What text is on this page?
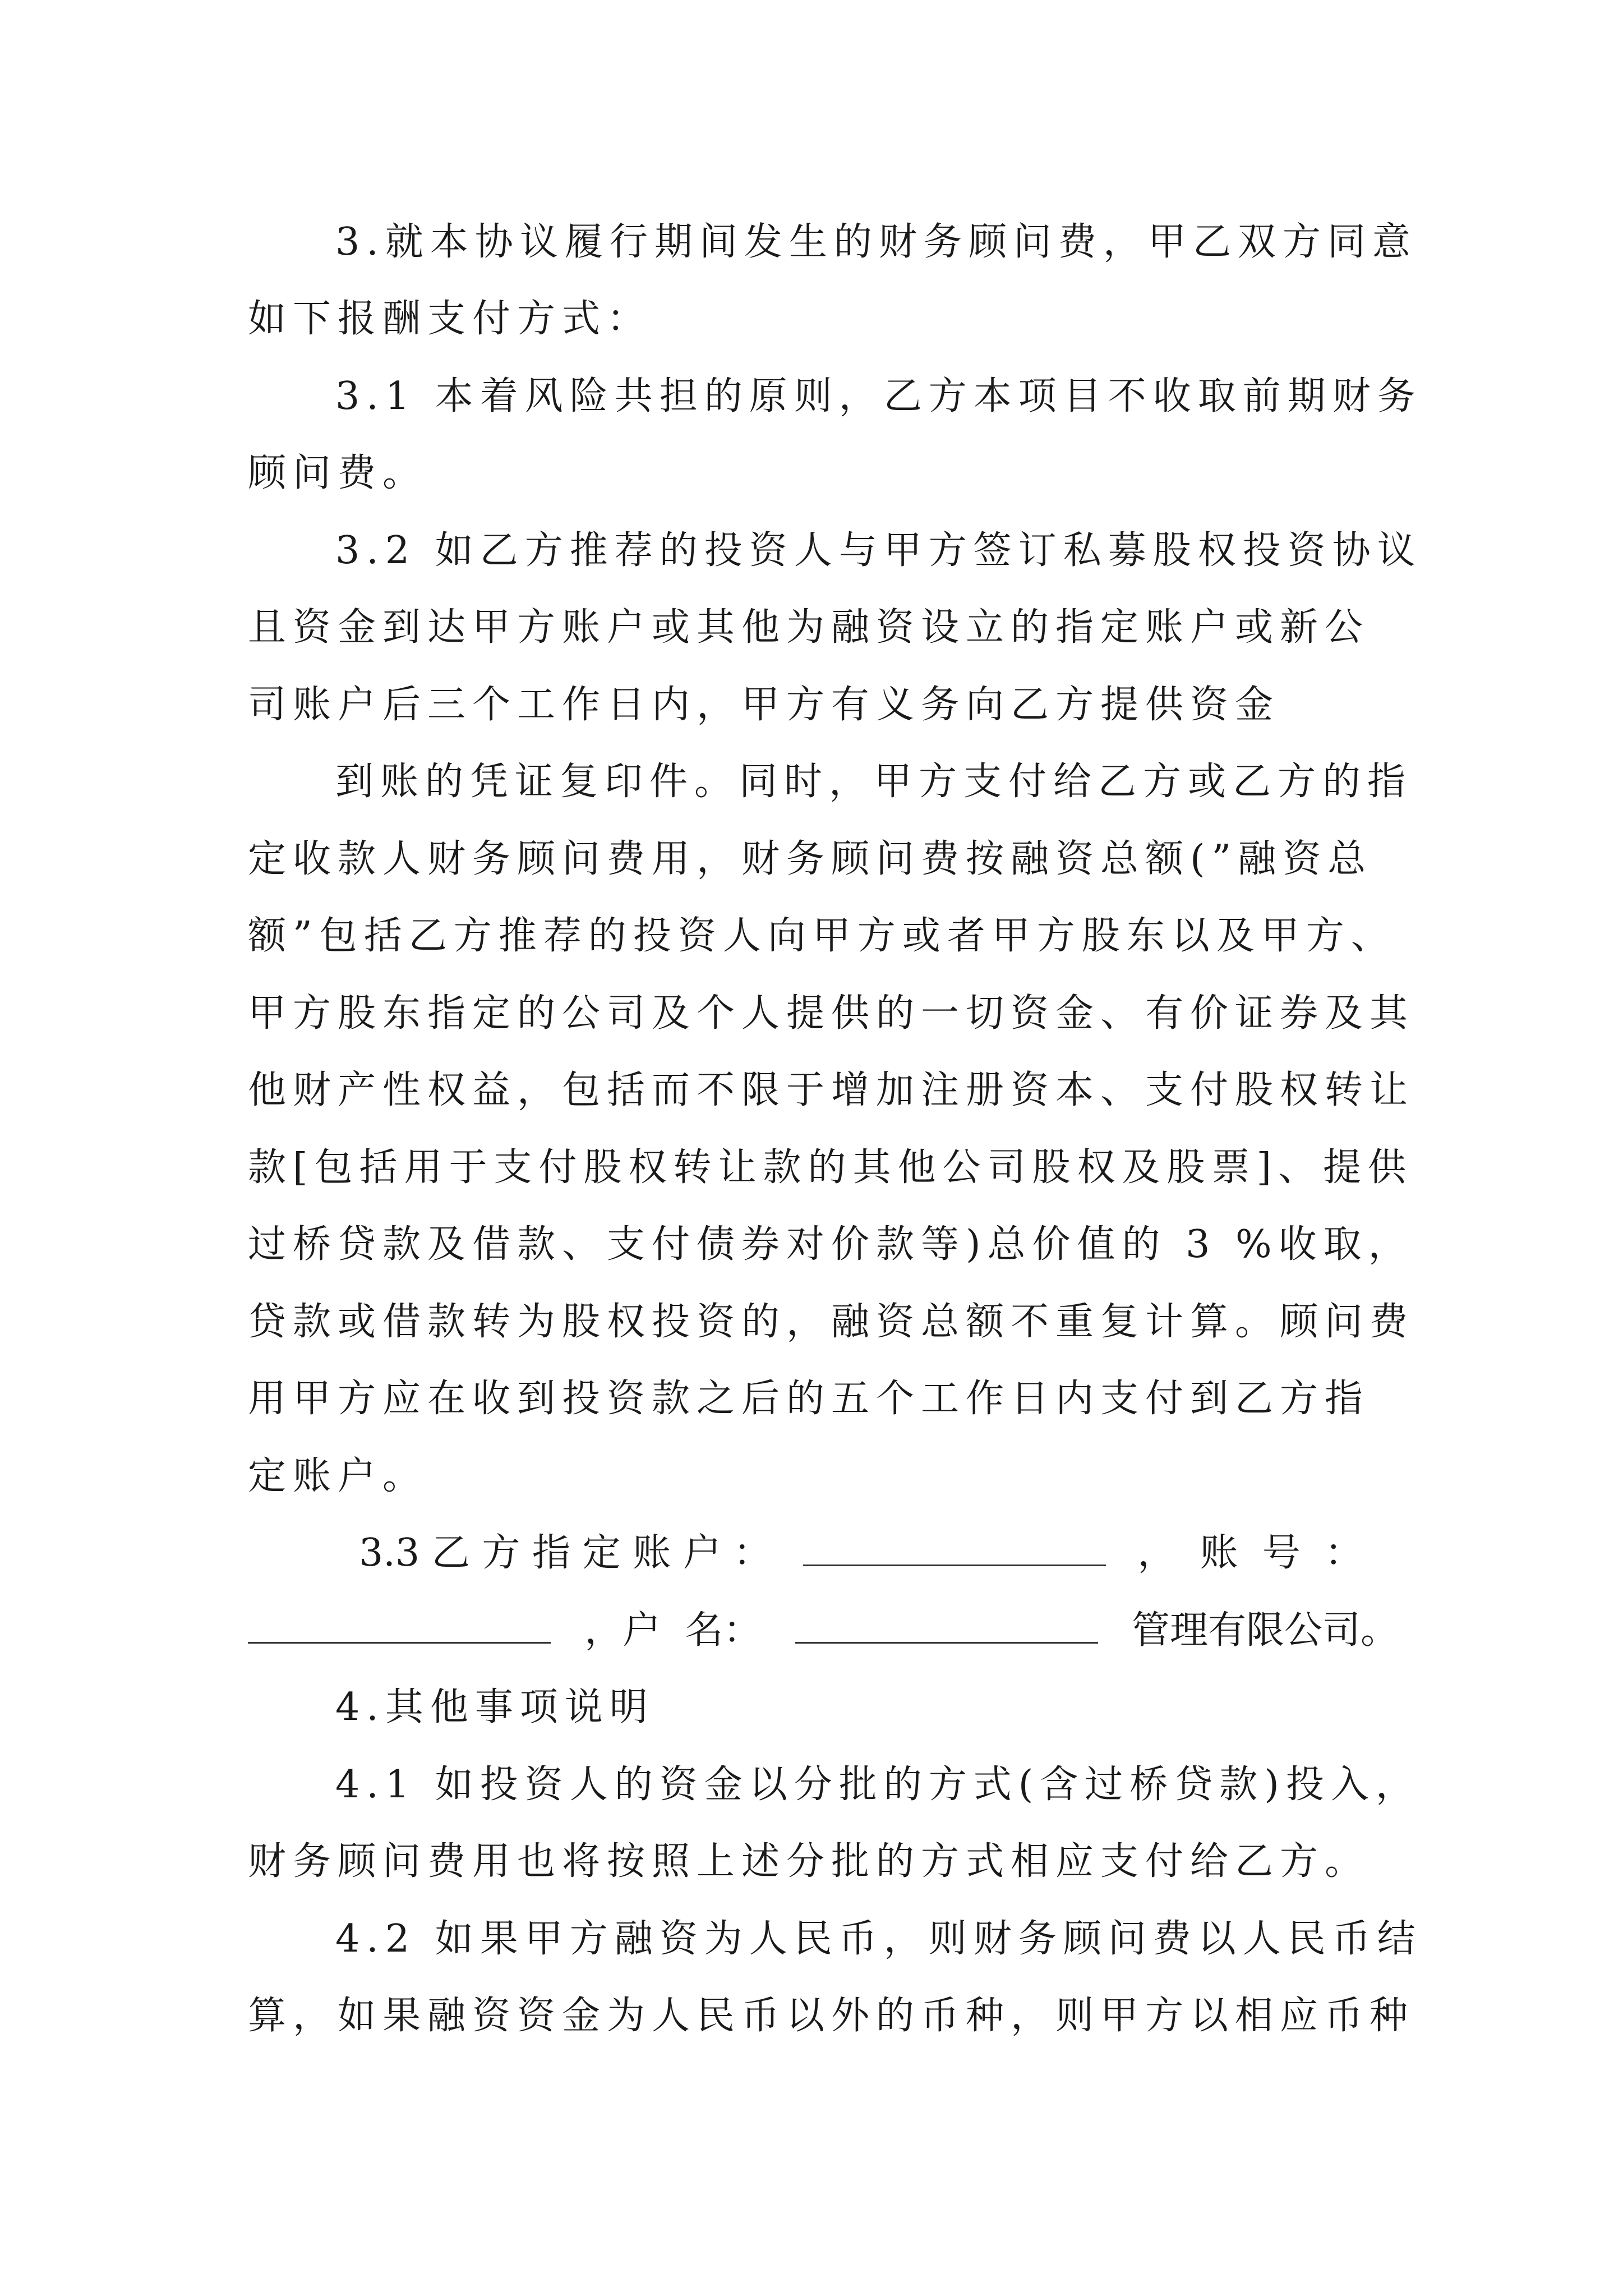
3.就本协议履行期间发生的财务顾问费，甲乙双方同意
如下报酬支付方式：
3.1 本着风险共担的原则，乙方本项目不收取前期财务
顾问费。
3.2 如乙方推荐的投资人与甲方签订私募股权投资协议
且资金到达甲方账户或其他为融资设立的指定账户或新公
司账户后三个工作日内，甲方有义务向乙方提供资金
到账的凭证复印件。同时，甲方支付给乙方或乙方的指
定收款人财务顾问费用，财务顾问费按融资总额(”融资总
额”包括乙方推荐的投资人向甲方或者甲方股东以及甲方、
甲方股东指定的公司及个人提供的一切资金、有价证券及其
他财产性权益，包括而不限于增加注册资本、支付股权转让
款[包括用于支付股权转让款的其他公司股权及股票]、提供
过桥贷款及借款、支付债券对价款等)总价值的 3 %收取，
贷款或借款转为股权投资的，融资总额不重复计算。顾问费
用甲方应在收到投资款之后的五个工作日内支付到乙方指
定账户。
3.3 乙 方 指 定 账 户 ：	，  账  号  ：
，户  名：	管理有限公司。
4.其他事项说明
4.1 如投资人的资金以分批的方式(含过桥贷款)投入，
财务顾问费用也将按照上述分批的方式相应支付给乙方。
4.2 如果甲方融资为人民币，则财务顾问费以人民币结
算，如果融资资金为人民币以外的币种，则甲方以相应币种
